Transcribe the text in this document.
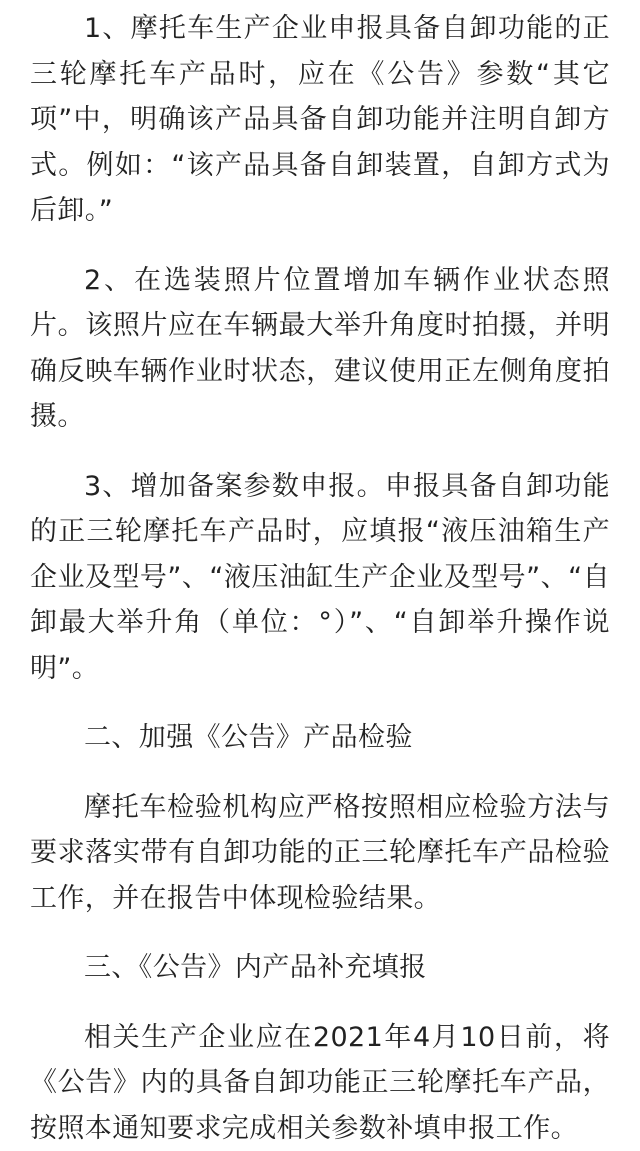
1、摩托车生产企业申报具备自卸功能的正三轮摩托车产品时，应在《公告》参数“其它项”中，明确该产品具备自卸功能并注明自卸方式。例如：“该产品具备自卸装置，自卸方式为后卸。”

2、在选装照片位置增加车辆作业状态照片。该照片应在车辆最大举升角度时拍摄，并明确反映车辆作业时状态，建议使用正左侧角度拍摄。

3、增加备案参数申报。申报具备自卸功能的正三轮摩托车产品时，应填报“液压油箱生产企业及型号”、“液压油缸生产企业及型号”、“自卸最大举升角（单位：°）”、“自卸举升操作说明”。

二、加强《公告》产品检验

摩托车检验机构应严格按照相应检验方法与要求落实带有自卸功能的正三轮摩托车产品检验工作，并在报告中体现检验结果。

三、《公告》内产品补充填报

相关生产企业应在2021年4月10日前，将《公告》内的具备自卸功能正三轮摩托车产品，按照本通知要求完成相关参数补填申报工作。
